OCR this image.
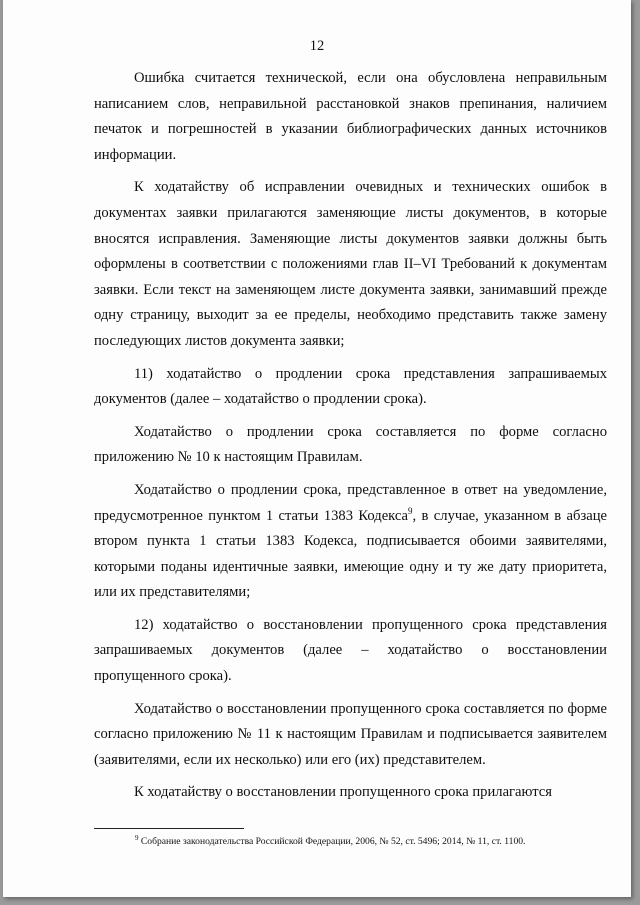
12

Ошибка считается технической, если она обусловлена неправильным написанием слов, неправильной расстановкой знаков препинания, наличием печаток и погрешностей в указании библиографических данных источников информации.

К ходатайству об исправлении очевидных и технических ошибок в документах заявки прилагаются заменяющие листы документов, в которые вносятся исправления. Заменяющие листы документов заявки должны быть оформлены в соответствии с положениями глав II–VI Требований к документам заявки. Если текст на заменяющем листе документа заявки, занимавший прежде одну страницу, выходит за ее пределы, необходимо представить также замену последующих листов документа заявки;

11) ходатайство о продлении срока представления запрашиваемых документов (далее – ходатайство о продлении срока).

Ходатайство о продлении срока составляется по форме согласно приложению № 10 к настоящим Правилам.

Ходатайство о продлении срока, представленное в ответ на уведомление, предусмотренное пунктом 1 статьи 1383 Кодекса$^9$, в случае, указанном в абзаце втором пункта 1 статьи 1383 Кодекса, подписывается обоими заявителями, которыми поданы идентичные заявки, имеющие одну и ту же дату приоритета, или их представителями;

12) ходатайство о восстановлении пропущенного срока представления запрашиваемых документов (далее – ходатайство о восстановлении пропущенного срока).

Ходатайство о восстановлении пропущенного срока составляется по форме согласно приложению № 11 к настоящим Правилам и подписывается заявителем (заявителями, если их несколько) или его (их) представителем.

К ходатайству о восстановлении пропущенного срока прилагаются

$^9$ Собрание законодательства Российской Федерации, 2006, № 52, ст. 5496; 2014, № 11, ст. 1100.
